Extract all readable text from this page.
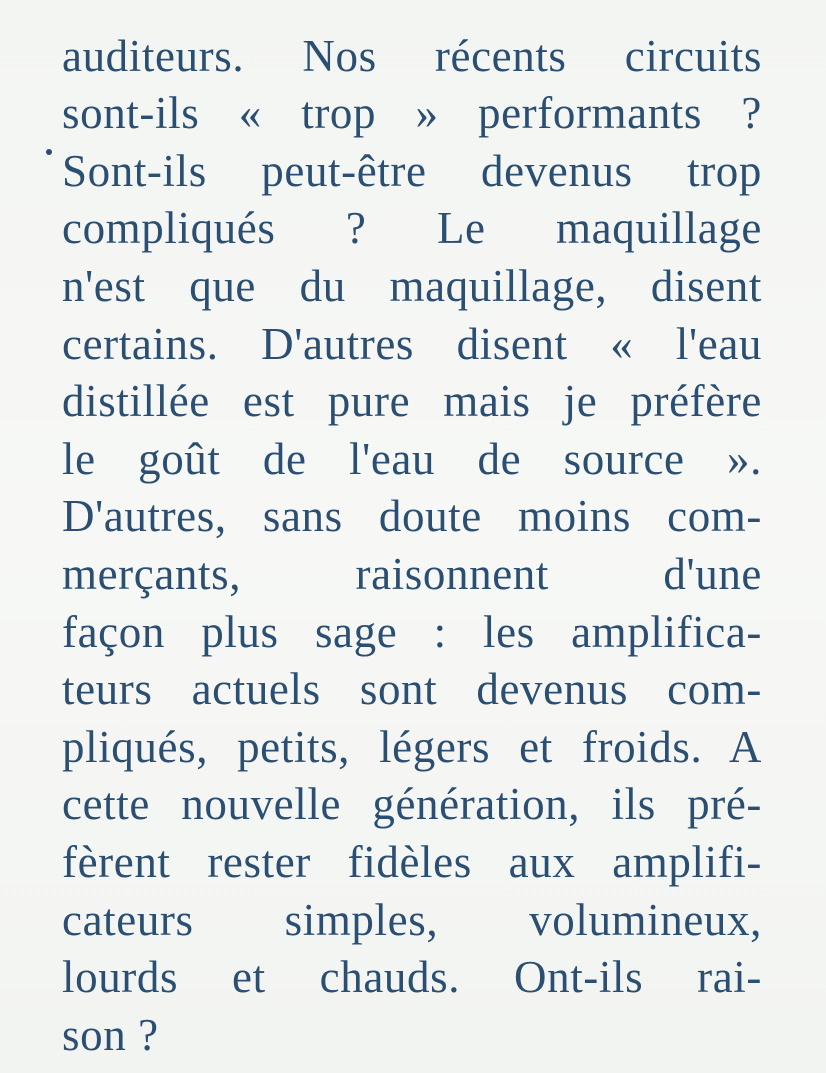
auditeurs. Nos récents circuits
sont-ils « trop » performants ?
Sont-ils peut-être devenus trop
compliqués ? Le maquillage
n'est que du maquillage, disent
certains. D'autres disent « l'eau
distillée est pure mais je préfère
le goût de l'eau de source ».
D'autres, sans doute moins com-
merçants, raisonnent d'une
façon plus sage : les amplifica-
teurs actuels sont devenus com-
pliqués, petits, légers et froids. A
cette nouvelle génération, ils pré-
fèrent rester fidèles aux amplifi-
cateurs simples, volumineux,
lourds et chauds. Ont-ils rai-
son ?
